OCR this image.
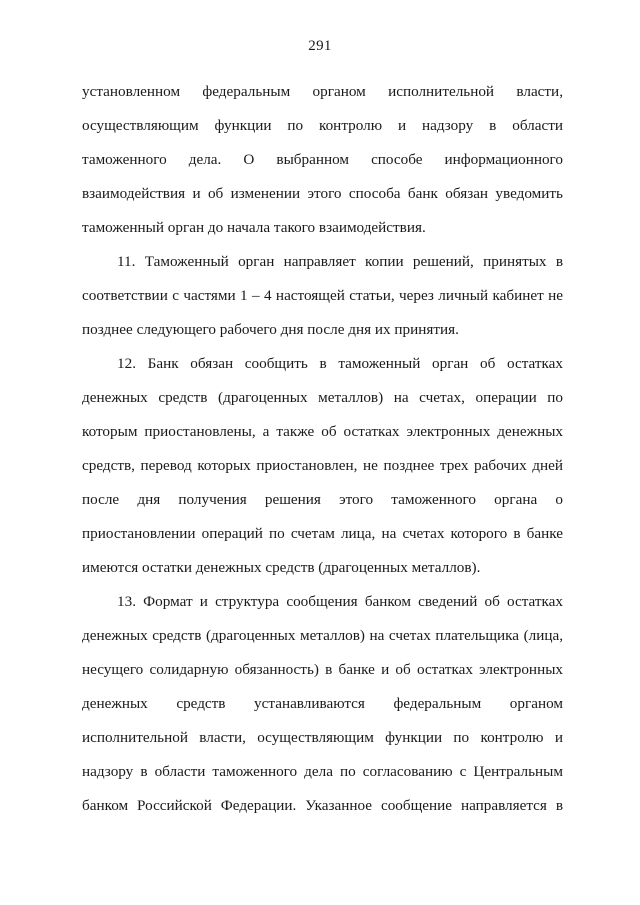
291

установленном федеральным органом исполнительной власти, осуществляющим функции по контролю и надзору в области таможенного дела. О выбранном способе информационного взаимодействия и об изменении этого способа банк обязан уведомить таможенный орган до начала такого взаимодействия.

11. Таможенный орган направляет копии решений, принятых в соответствии с частями 1 – 4 настоящей статьи, через личный кабинет не позднее следующего рабочего дня после дня их принятия.

12. Банк обязан сообщить в таможенный орган об остатках денежных средств (драгоценных металлов) на счетах, операции по которым приостановлены, а также об остатках электронных денежных средств, перевод которых приостановлен, не позднее трех рабочих дней после дня получения решения этого таможенного органа о приостановлении операций по счетам лица, на счетах которого в банке имеются остатки денежных средств (драгоценных металлов).

13. Формат и структура сообщения банком сведений об остатках денежных средств (драгоценных металлов) на счетах плательщика (лица, несущего солидарную обязанность) в банке и об остатках электронных денежных средств устанавливаются федеральным органом исполнительной власти, осуществляющим функции по контролю и надзору в области таможенного дела по согласованию с Центральным банком Российской Федерации. Указанное сообщение направляется в
